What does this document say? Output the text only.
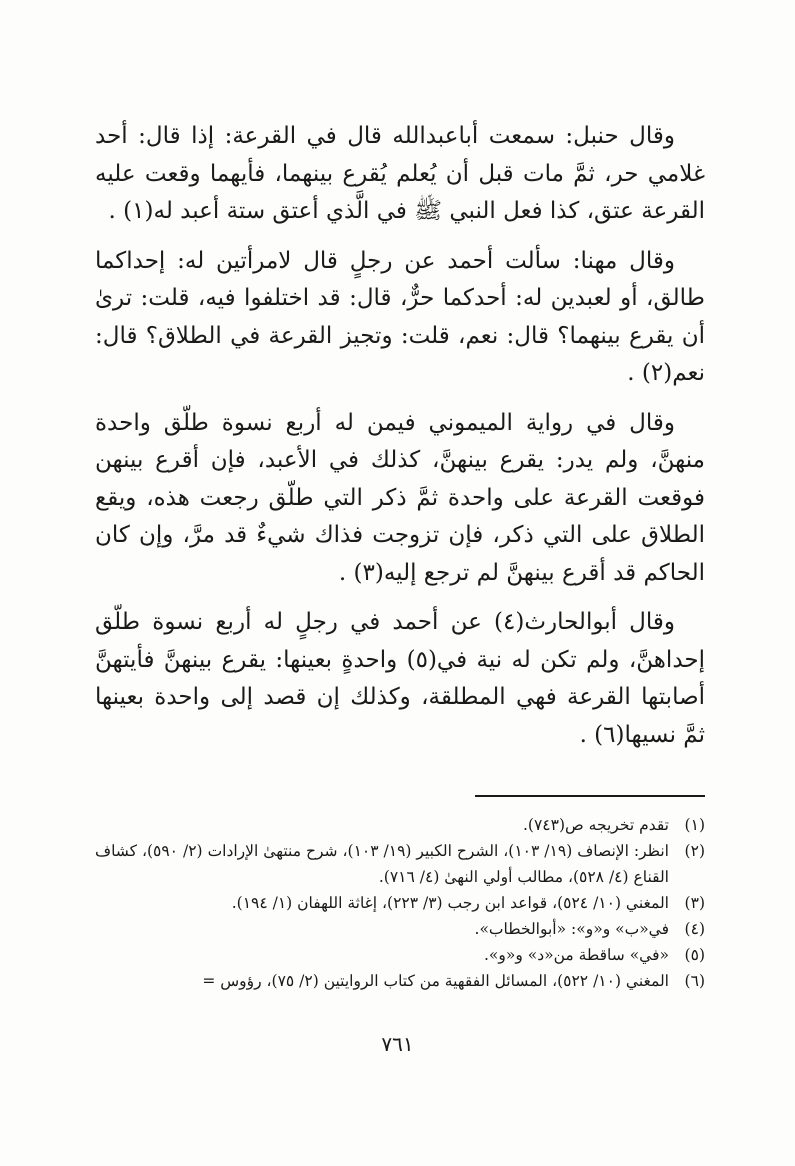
وقال حنبل: سمعت أباعبدالله قال في القرعة: إذا قال: أحد غلامي حر، ثمَّ مات قبل أن يُعلم يُقرع بينهما، فأيهما وقعت عليه القرعة عتق، كذا فعل النبي ﷺ في الَّذي أعتق ستة أعبد له(١) .

وقال مهنا: سألت أحمد عن رجلٍ قال لامرأتين له: إحداكما طالق، أو لعبدين له: أحدكما حرٌّ، قال: قد اختلفوا فيه، قلت: ترىٰ أن يقرع بينهما؟ قال: نعم، قلت: وتجيز القرعة في الطلاق؟ قال: نعم(٢) .

وقال في رواية الميموني فيمن له أربع نسوة طلّق واحدة منهنَّ، ولم يدر: يقرع بينهنَّ، كذلك في الأعبد، فإن أقرع بينهن فوقعت القرعة على واحدة ثمَّ ذكر التي طلّق رجعت هذه، ويقع الطلاق على التي ذكر، فإن تزوجت فذاك شيءٌ قد مرَّ، وإن كان الحاكم قد أقرع بينهنَّ لم ترجع إليه(٣) .

وقال أبوالحارث(٤) عن أحمد في رجلٍ له أربع نسوة طلّق إحداهنَّ، ولم تكن له نية في(٥) واحدةٍ بعينها: يقرع بينهنَّ فأيتهنَّ أصابتها القرعة فهي المطلقة، وكذلك إن قصد إلى واحدة بعينها ثمَّ نسيها(٦) .

(١)
تقدم تخريجه ص(٧٤٣).
(٢)
انظر: الإنصاف (١٩/ ١٠٣)، الشرح الكبير (١٩/ ١٠٣)، شرح منتهىٰ الإرادات (٢/ ٥٩٠)، كشاف القناع (٤/ ٥٢٨)، مطالب أولي النهىٰ (٤/ ٧١٦).
(٣)
المغني (١٠/ ٥٢٤)، قواعد ابن رجب (٣/ ٢٢٣)، إغاثة اللهفان (١/ ١٩٤).
(٤)
في«ب» و«و»: «أبوالخطاب».
(٥)
«في» ساقطة من«د» و«و».
(٦)
المغني (١٠/ ٥٢٢)، المسائل الفقهية من كتاب الروايتين (٢/ ٧٥)، رؤوس =
٧٦١
